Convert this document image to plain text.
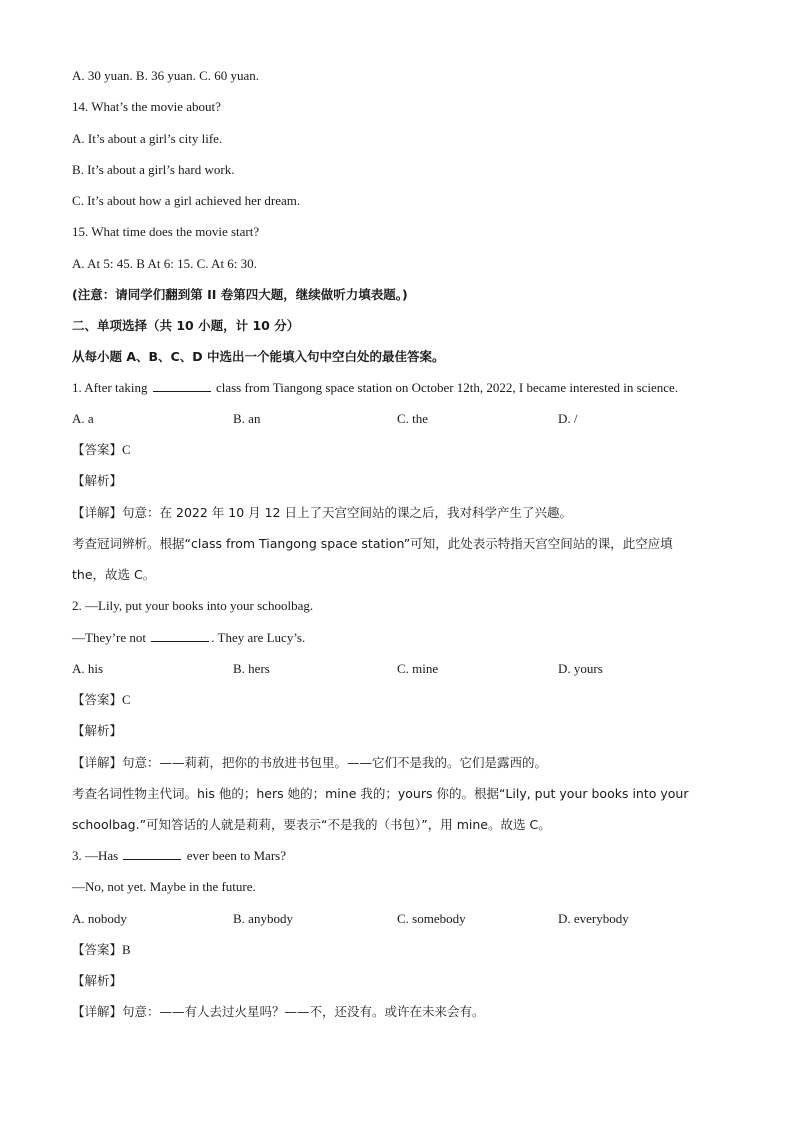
A. 30 yuan. B. 36 yuan. C. 60 yuan.
14. What’s the movie about?
A. It’s about a girl’s city life.
B. It’s about a girl’s hard work.
C. It’s about how a girl achieved her dream.
15. What time does the movie start?
A. At 5: 45. B At 6: 15. C. At 6: 30.
(注意：请同学们翻到第 II 卷第四大题，继续做听力填表题。)
二、单项选择（共 10 小题，计 10 分）
从每小题 A、B、C、D 中选出一个能填入句中空白处的最佳答案。
1. After taking	class from Tiangong space station on October 12th, 2022, I became interested in science.
A. a	B. an	C. the	D. /
【答案】C
【解析】
【详解】句意：在 2022 年 10 月 12 日上了天宫空间站的课之后，我对科学产生了兴趣。
考查冠词辨析。根据“class from Tiangong space station”可知，此处表示特指天宫空间站的课，此空应填
the，故选 C。
2. —Lily, put your books into your schoolbag.
—They’re not	. They are Lucy’s.
A. his	B. hers	C. mine	D. yours
【答案】C
【解析】
【详解】句意：——莉莉，把你的书放进书包里。——它们不是我的。它们是露西的。
考查名词性物主代词。his 他的；hers 她的；mine 我的；yours 你的。根据“Lily, put your books into your
schoolbag.”可知答话的人就是莉莉，要表示“不是我的（书包）”，用 mine。故选 C。
3. —Has	ever been to Mars?
—No, not yet. Maybe in the future.
A. nobody	B. anybody	C. somebody	D. everybody
【答案】B
【解析】
【详解】句意：——有人去过火星吗？——不，还没有。或许在未来会有。
